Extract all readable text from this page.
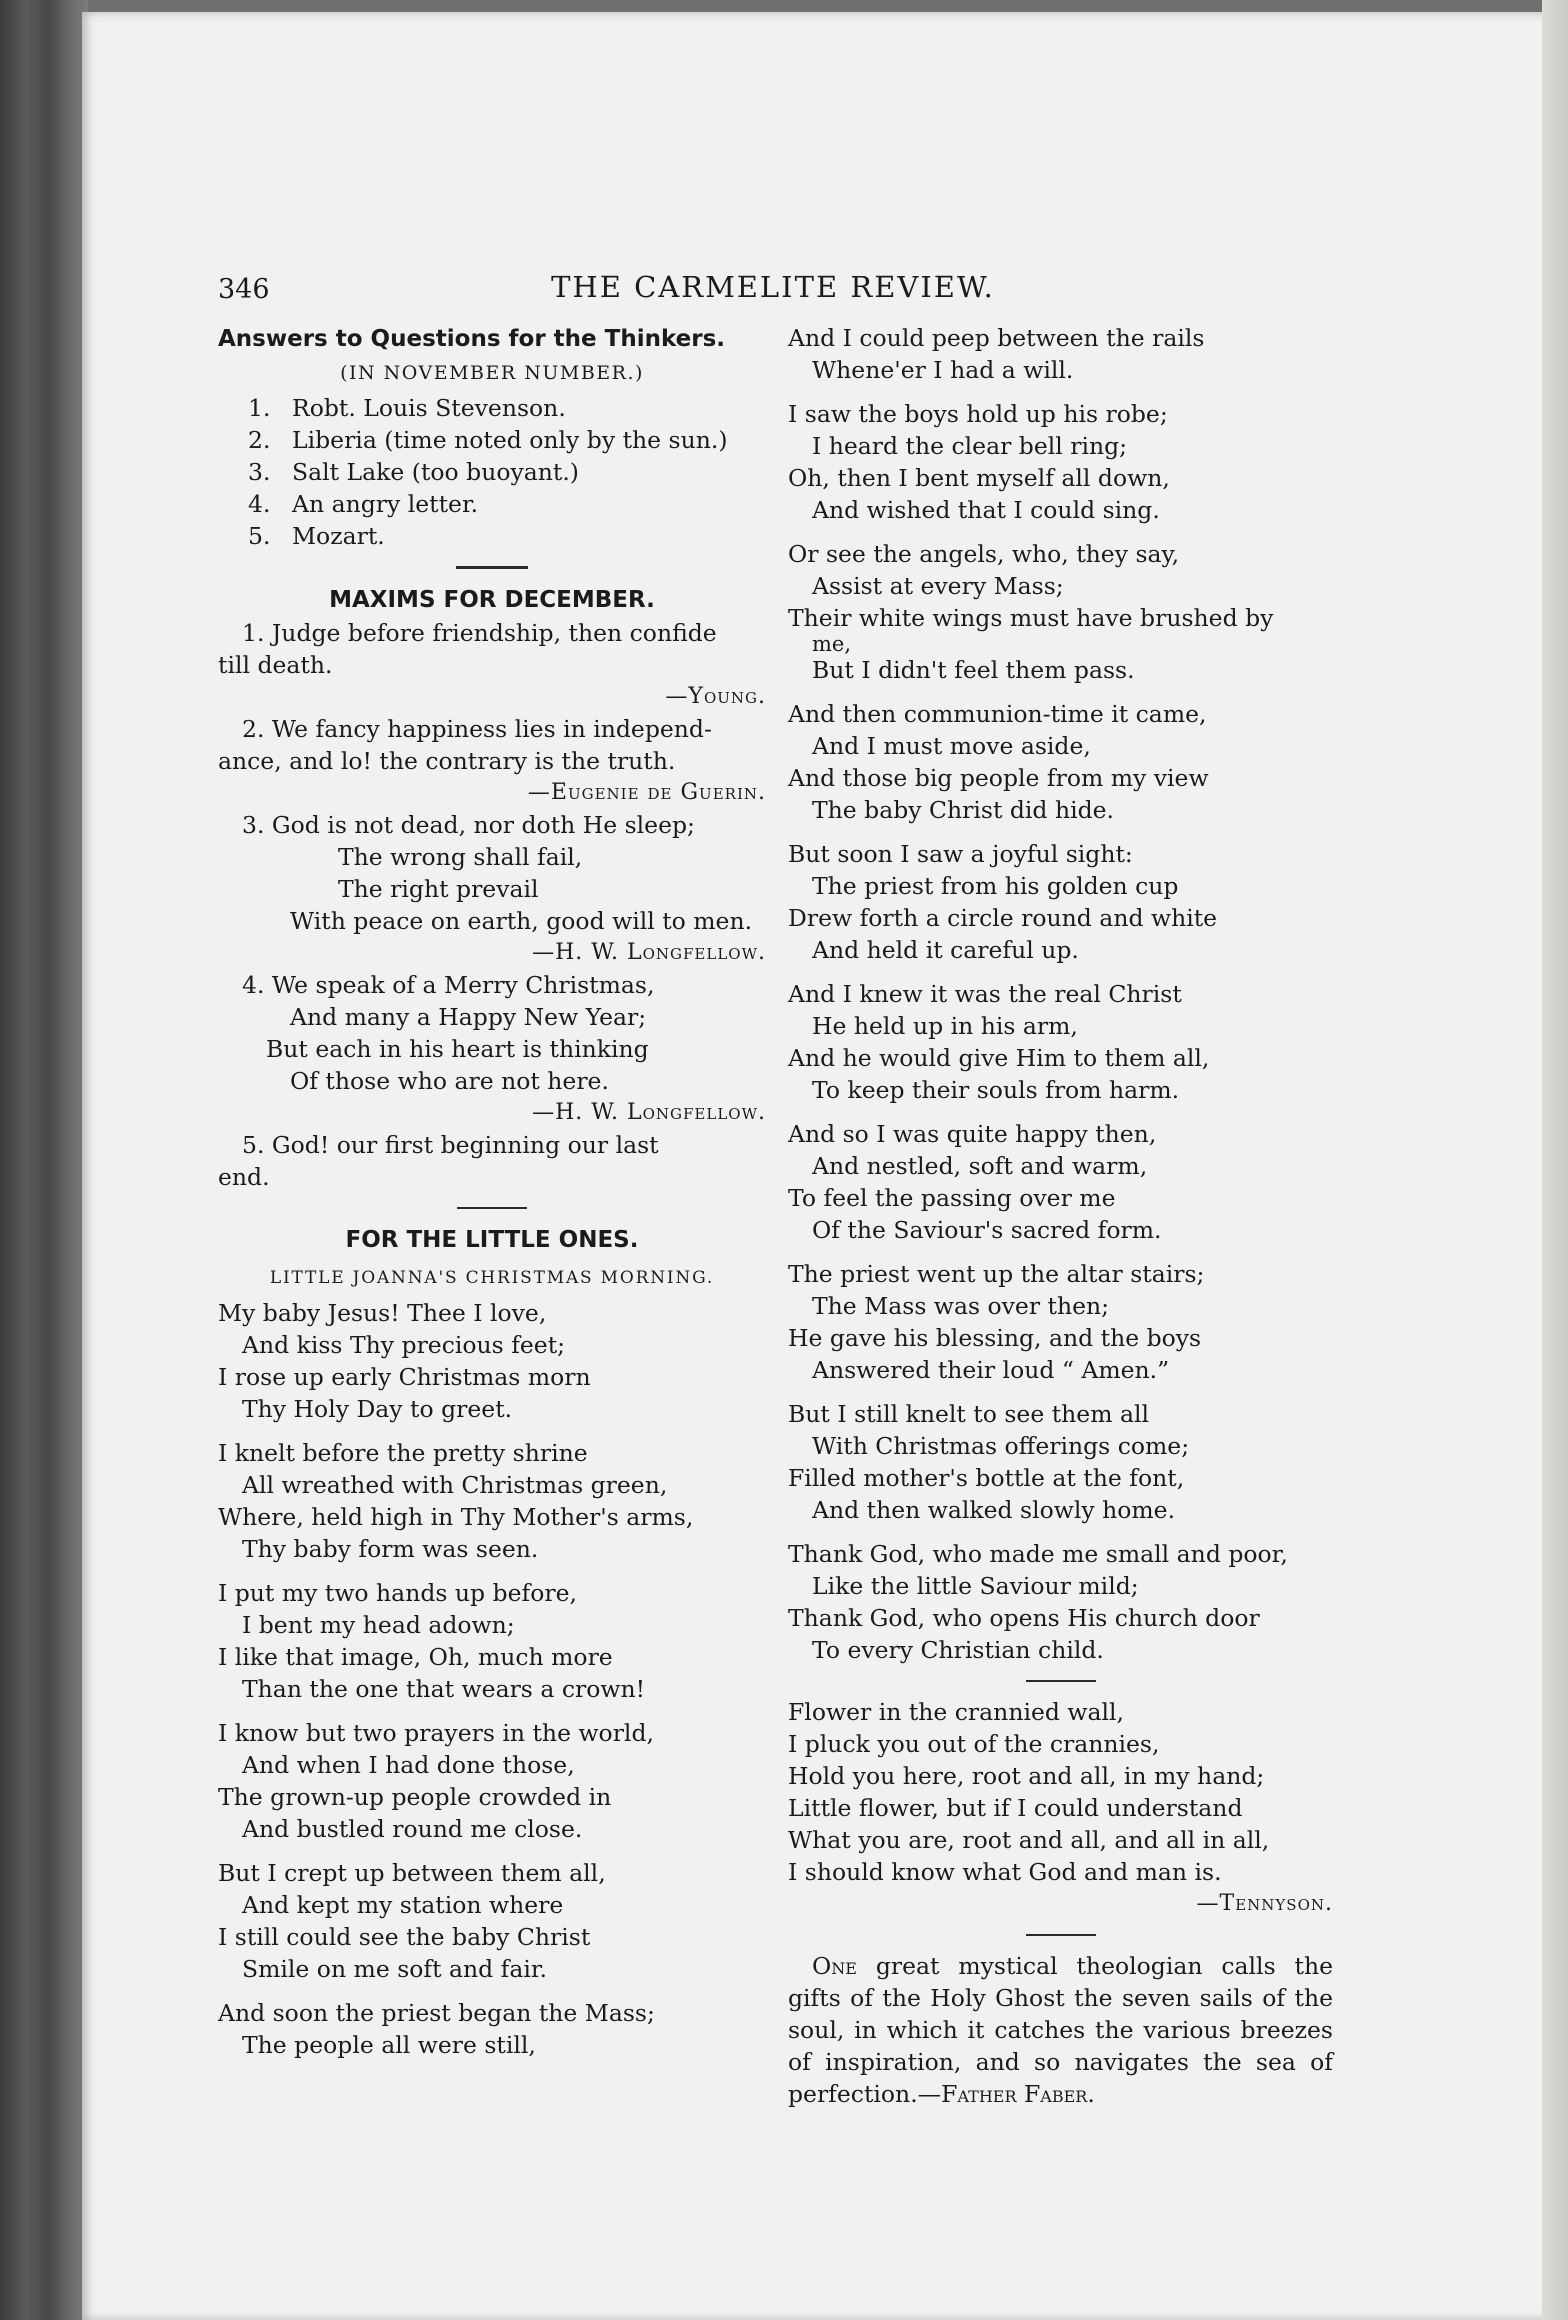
346	THE CARMELITE REVIEW.

Answers to Questions for the Thinkers.

(IN NOVEMBER NUMBER.)

1. Robt. Louis Stevenson.

2. Liberia (time noted only by the sun.)

3. Salt Lake (too buoyant.)

4. An angry letter.

5. Mozart.

MAXIMS FOR DECEMBER.

1. Judge before friendship, then confide

till death.

—Young.

2. We fancy happiness lies in independ-

ance, and lo! the contrary is the truth.

—Eugenie de Guerin.

3. God is not dead, nor doth He sleep;

The wrong shall fail,

The right prevail

With peace on earth, good will to men.

—H. W. Longfellow.

4. We speak of a Merry Christmas,

And many a Happy New Year;

But each in his heart is thinking

Of those who are not here.

—H. W. Longfellow.

5. God! our first beginning our last

end.

FOR THE LITTLE ONES.

LITTLE JOANNA'S CHRISTMAS MORNING.

My baby Jesus! Thee I love,

And kiss Thy precious feet;

I rose up early Christmas morn

Thy Holy Day to greet.

I knelt before the pretty shrine

All wreathed with Christmas green,

Where, held high in Thy Mother's arms,

Thy baby form was seen.

I put my two hands up before,

I bent my head adown;

I like that image, Oh, much more

Than the one that wears a crown!

I know but two prayers in the world,

And when I had done those,

The grown-up people crowded in

And bustled round me close.

But I crept up between them all,

And kept my station where

I still could see the baby Christ

Smile on me soft and fair.

And soon the priest began the Mass;

The people all were still,

And I could peep between the rails

Whene'er I had a will.

I saw the boys hold up his robe;

I heard the clear bell ring;

Oh, then I bent myself all down,

And wished that I could sing.

Or see the angels, who, they say,

Assist at every Mass;

Their white wings must have brushed by

me,

But I didn't feel them pass.

And then communion-time it came,

And I must move aside,

And those big people from my view

The baby Christ did hide.

But soon I saw a joyful sight:

The priest from his golden cup

Drew forth a circle round and white

And held it careful up.

And I knew it was the real Christ

He held up in his arm,

And he would give Him to them all,

To keep their souls from harm.

And so I was quite happy then,

And nestled, soft and warm,

To feel the passing over me

Of the Saviour's sacred form.

The priest went up the altar stairs;

The Mass was over then;

He gave his blessing, and the boys

Answered their loud “ Amen.”

But I still knelt to see them all

With Christmas offerings come;

Filled mother's bottle at the font,

And then walked slowly home.

Thank God, who made me small and poor,

Like the little Saviour mild;

Thank God, who opens His church door

To every Christian child.

Flower in the crannied wall,

I pluck you out of the crannies,

Hold you here, root and all, in my hand;

Little flower, but if I could understand

What you are, root and all, and all in all,

I should know what God and man is.

—Tennyson.

One great mystical theologian calls the gifts of the Holy Ghost the seven sails of the soul, in which it catches the various breezes of inspiration, and so navigates the sea of perfection.—Father Faber.
